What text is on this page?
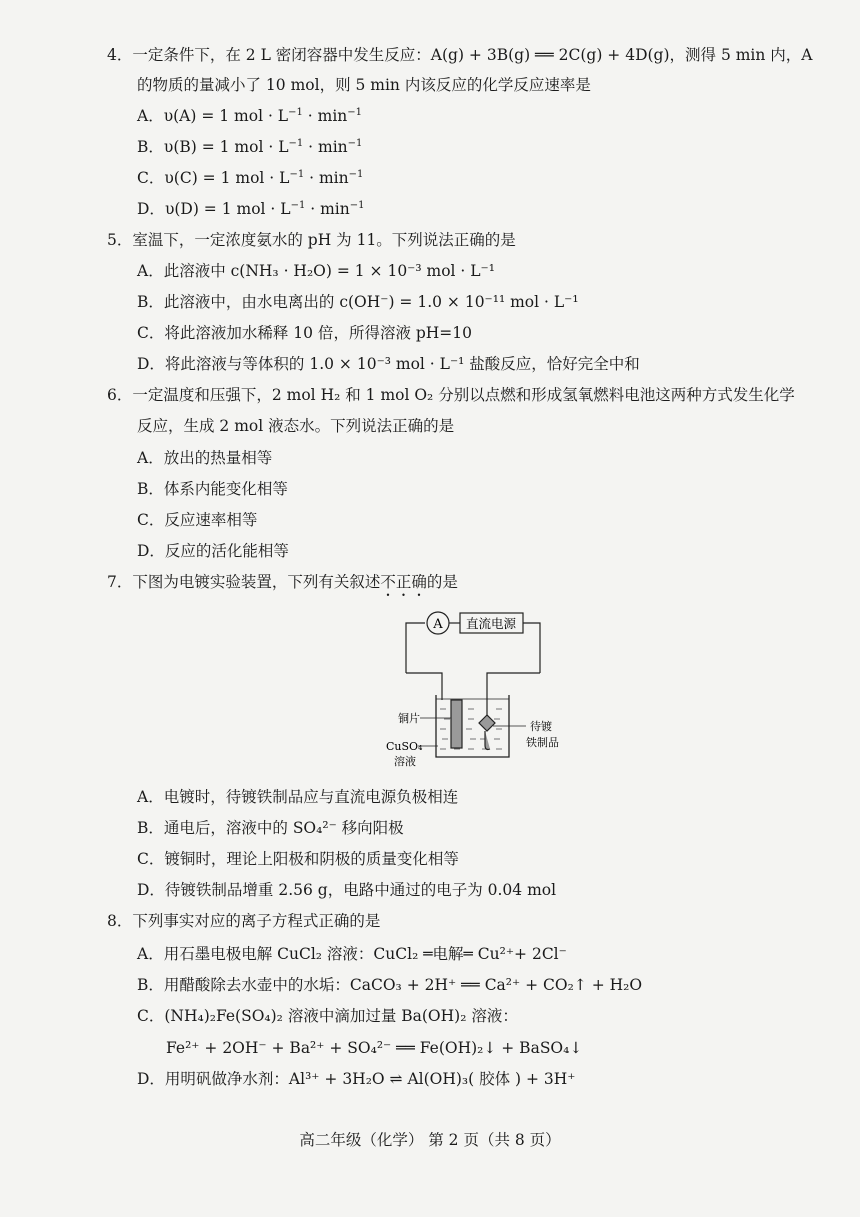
4．一定条件下，在 2 L 密闭容器中发生反应：A(g) + 3B(g) ══ 2C(g) + 4D(g)，测得 5 min 内，A
的物质的量减小了 10 mol，则 5 min 内该反应的化学反应速率是
A．υ(A) = 1 mol · $L^{-1} \cdot \min^{-1}$
B．υ(B) = 1 mol · $L^{-1} \cdot \min^{-1}$
C．υ(C) = 1 mol · $L^{-1} \cdot \min^{-1}$
D．υ(D) = 1 mol · $L^{-1} \cdot \min^{-1}$
5．室温下，一定浓度氨水的 pH 为 11。下列说法正确的是
A．此溶液中 c(NH₃ · H₂O) = 1 × 10⁻³ mol · L⁻¹
B．此溶液中，由水电离出的 c(OH⁻) = 1.0 × 10⁻¹¹ mol · L⁻¹
C．将此溶液加水稀释 10 倍，所得溶液 pH=10
D．将此溶液与等体积的 1.0 × 10⁻³ mol · L⁻¹ 盐酸反应，恰好完全中和
6．一定温度和压强下，2 mol H₂ 和 1 mol O₂ 分别以点燃和形成氢氧燃料电池这两种方式发生化学
反应，生成 2 mol 液态水。下列说法正确的是
A．放出的热量相等
B．体系内能变化相等
C．反应速率相等
D．反应的活化能相等
7．下图为电镀实验装置，下列有关叙述不正确的是
A 直流电源
铜片
CuSO₄
溶液
待镀
铁制品
A．电镀时，待镀铁制品应与直流电源负极相连
B．通电后，溶液中的 SO₄²⁻ 移向阳极
C．镀铜时，理论上阳极和阴极的质量变化相等
D．待镀铁制品增重 2.56 g，电路中通过的电子为 0.04 mol
8．下列事实对应的离子方程式正确的是
A．用石墨电极电解 CuCl₂ 溶液：CuCl₂ ═电解═ Cu²⁺+ 2Cl⁻
B．用醋酸除去水壶中的水垢：CaCO₃ + 2H⁺ ══ Ca²⁺ + CO₂↑ + H₂O
C．(NH₄)₂Fe(SO₄)₂ 溶液中滴加过量 Ba(OH)₂ 溶液：
Fe²⁺ + 2OH⁻ + Ba²⁺ + SO₄²⁻ ══ Fe(OH)₂↓ + BaSO₄↓
D．用明矾做净水剂：Al³⁺ + 3H₂O ⇌ Al(OH)₃( 胶体 ) + 3H⁺
高二年级（化学） 第 2 页（共 8 页）
